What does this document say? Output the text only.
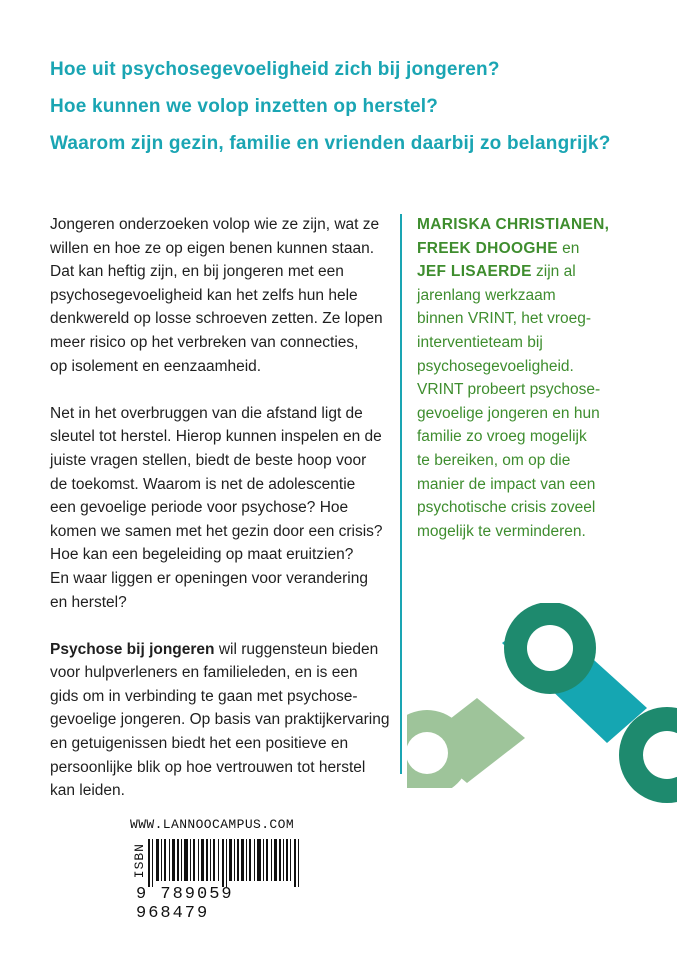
Hoe uit psychosegevoeligheid zich bij jongeren?
Hoe kunnen we volop inzetten op herstel?
Waarom zijn gezin, familie en vrienden daarbij zo belangrijk?

Jongeren onderzoeken volop wie ze zijn, wat ze
willen en hoe ze op eigen benen kunnen staan.
Dat kan heftig zijn, en bij jongeren met een
psychosegevoeligheid kan het zelfs hun hele
denkwereld op losse schroeven zetten. Ze lopen
meer risico op het verbreken van connecties,
op isolement en eenzaamheid.

Net in het overbruggen van die afstand ligt de
sleutel tot herstel. Hierop kunnen inspelen en de
juiste vragen stellen, biedt de beste hoop voor
de toekomst. Waarom is net de adolescentie
een gevoelige periode voor psychose? Hoe
komen we samen met het gezin door een crisis?
Hoe kan een begeleiding op maat eruitzien?
En waar liggen er openingen voor verandering
en herstel?

Psychose bij jongeren wil ruggensteun bieden
voor hulpverleners en familieleden, en is een
gids om in verbinding te gaan met psychose-
gevoelige jongeren. Op basis van praktijkervaring
en getuigenissen biedt het een positieve en
persoonlijke blik op hoe vertrouwen tot herstel
kan leiden.

MARISKA CHRISTIANEN,
FREEK DHOOGHE en
JEF LISAERDE zijn al
jarenlang werkzaam
binnen VRINT, het vroeg-
interventieteam bij
psychosegevoeligheid.
VRINT probeert psychose-
gevoelige jongeren en hun
familie zo vroeg mogelijk
te bereiken, om op die
manier de impact van een
psychotische crisis zoveel
mogelijk te verminderen.
WWW.LANNOOCAMPUS.COM
ISBN
9 789059 968479
